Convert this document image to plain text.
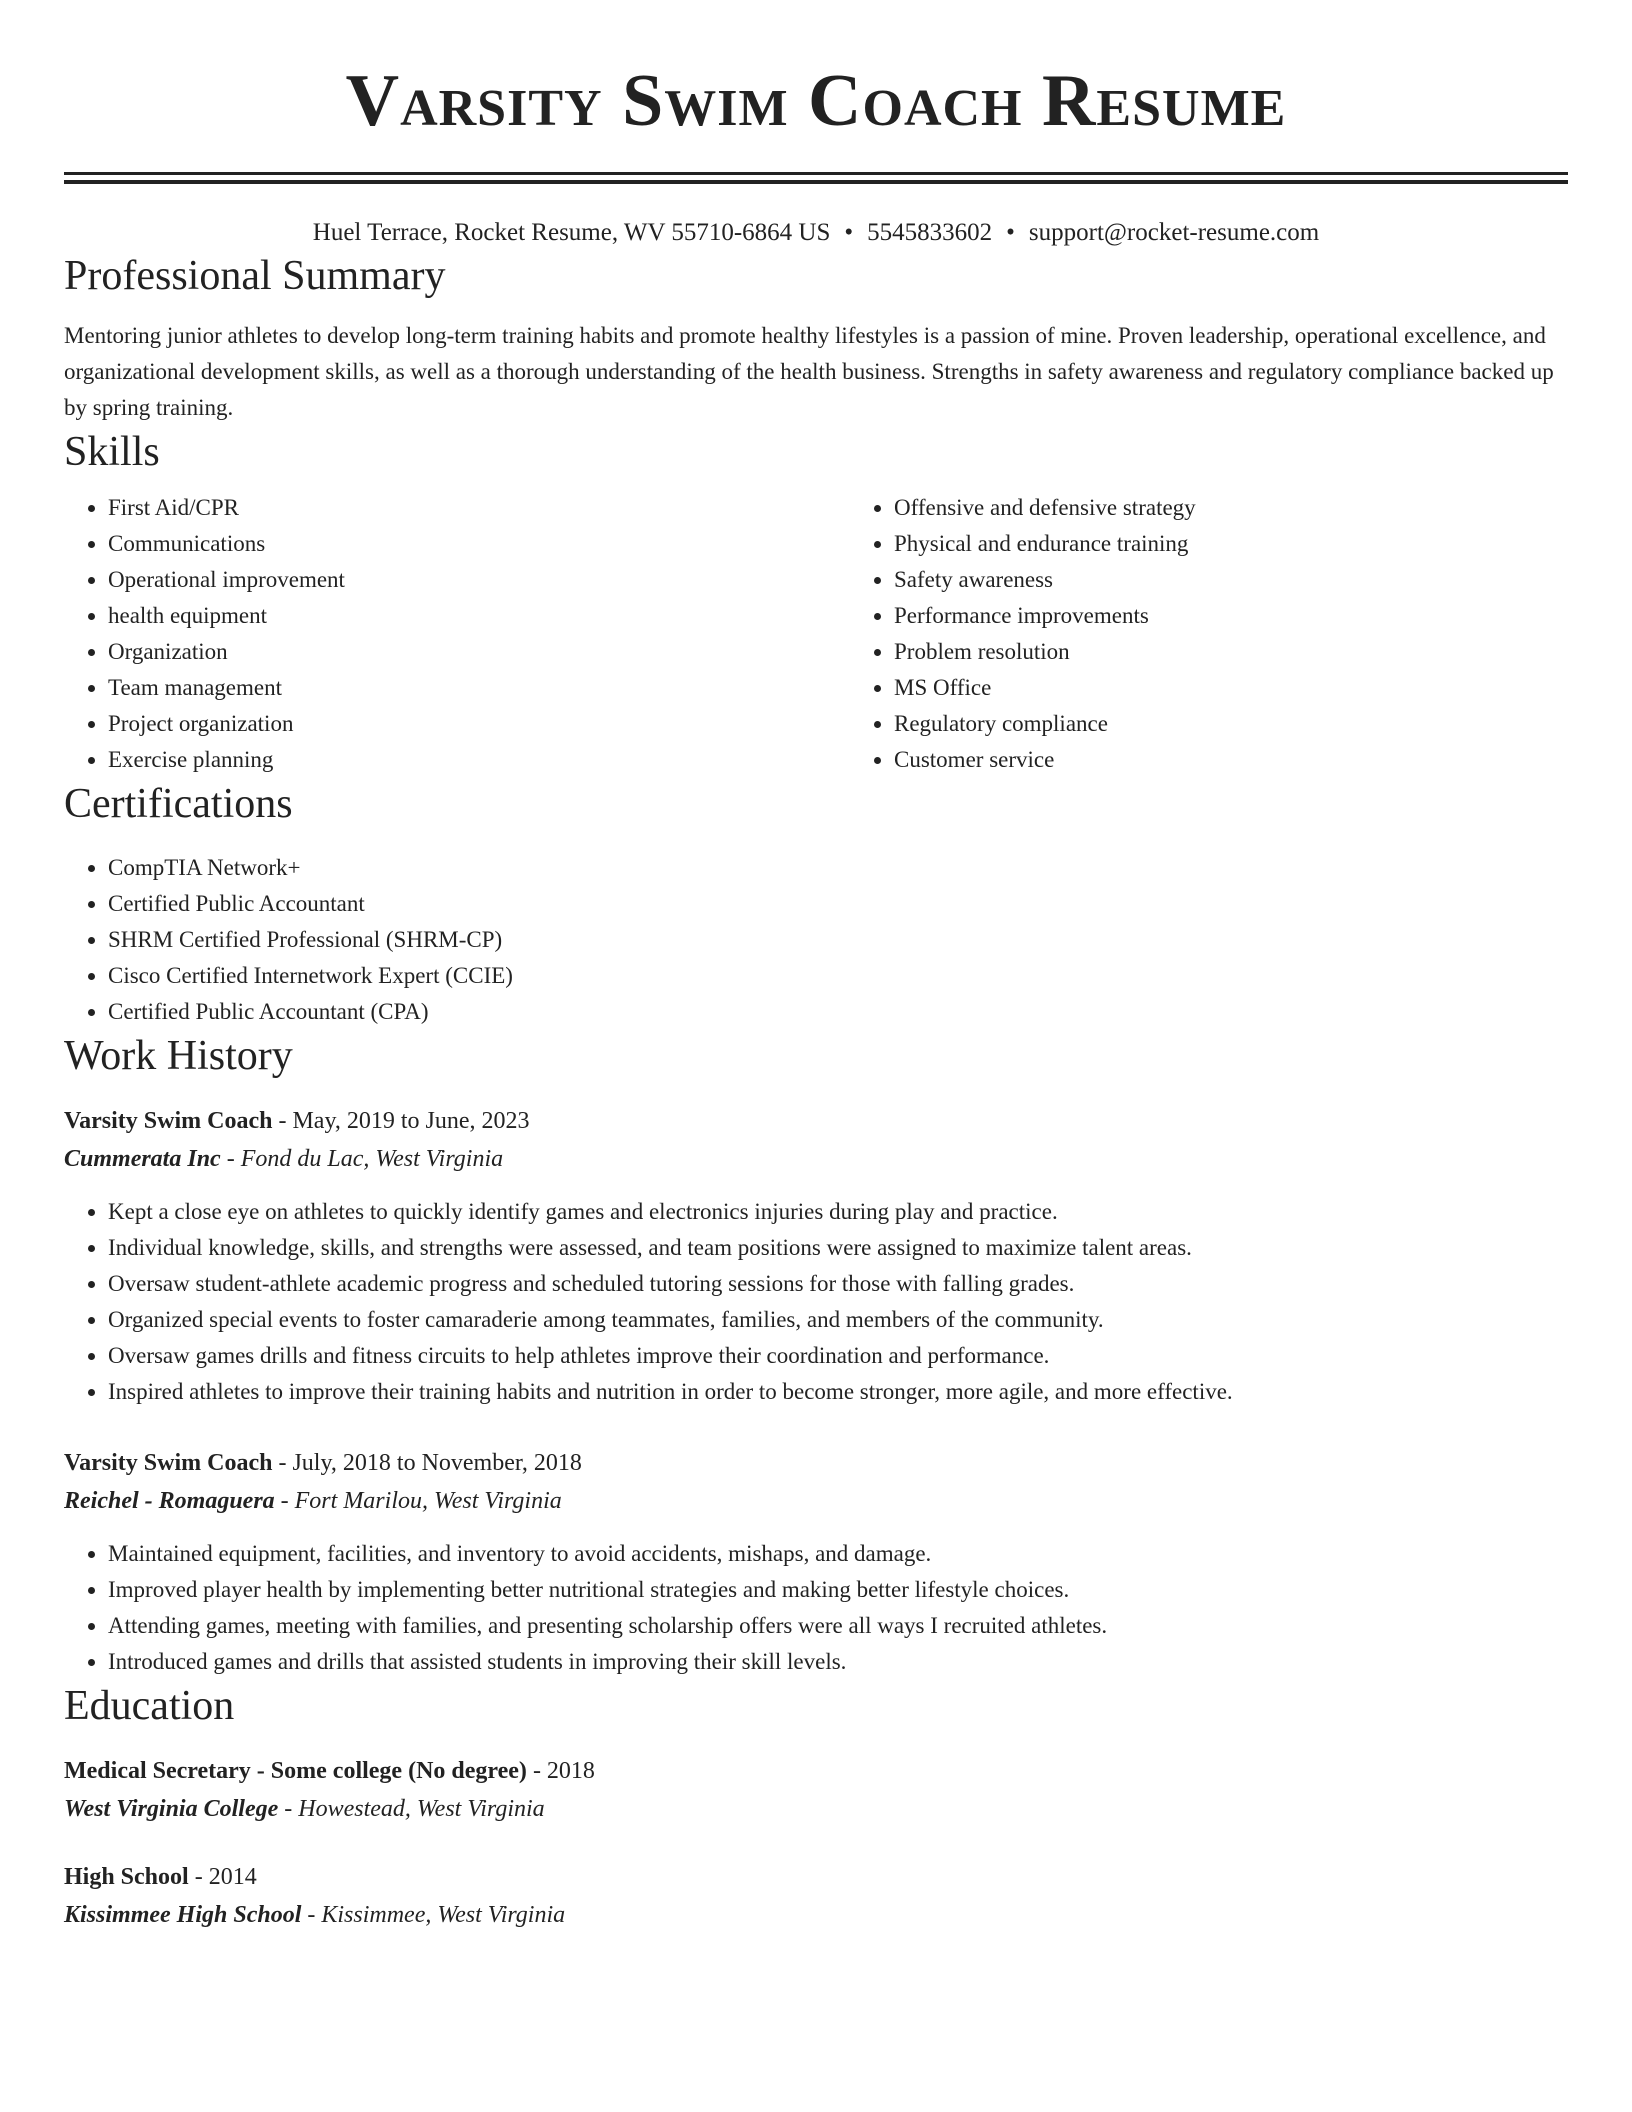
Varsity Swim Coach Resume
Huel Terrace, Rocket Resume, WV 55710-6864 US • 5545833602 • support@rocket-resume.com
Professional Summary

Mentoring junior athletes to develop long-term training habits and promote healthy lifestyles is a passion of mine. Proven leadership, operational excellence, and organizational development skills, as well as a thorough understanding of the health business. Strengths in safety awareness and regulatory compliance backed up by spring training.

Skills
• First Aid/CPR
• Communications
• Operational improvement
• health equipment
• Organization
• Team management
• Project organization
• Exercise planning
• Offensive and defensive strategy
• Physical and endurance training
• Safety awareness
• Performance improvements
• Problem resolution
• MS Office
• Regulatory compliance
• Customer service
Certifications
• CompTIA Network+
• Certified Public Accountant
• SHRM Certified Professional (SHRM-CP)
• Cisco Certified Internetwork Expert (CCIE)
• Certified Public Accountant (CPA)
Work History
Varsity Swim Coach - May, 2019 to June, 2023
Cummerata Inc - Fond du Lac, West Virginia
• Kept a close eye on athletes to quickly identify games and electronics injuries during play and practice.
• Individual knowledge, skills, and strengths were assessed, and team positions were assigned to maximize talent areas.
• Oversaw student-athlete academic progress and scheduled tutoring sessions for those with falling grades.
• Organized special events to foster camaraderie among teammates, families, and members of the community.
• Oversaw games drills and fitness circuits to help athletes improve their coordination and performance.
• Inspired athletes to improve their training habits and nutrition in order to become stronger, more agile, and more effective.
Varsity Swim Coach - July, 2018 to November, 2018
Reichel - Romaguera - Fort Marilou, West Virginia
• Maintained equipment, facilities, and inventory to avoid accidents, mishaps, and damage.
• Improved player health by implementing better nutritional strategies and making better lifestyle choices.
• Attending games, meeting with families, and presenting scholarship offers were all ways I recruited athletes.
• Introduced games and drills that assisted students in improving their skill levels.
Education
Medical Secretary - Some college (No degree) - 2018
West Virginia College - Howestead, West Virginia
High School - 2014
Kissimmee High School - Kissimmee, West Virginia
